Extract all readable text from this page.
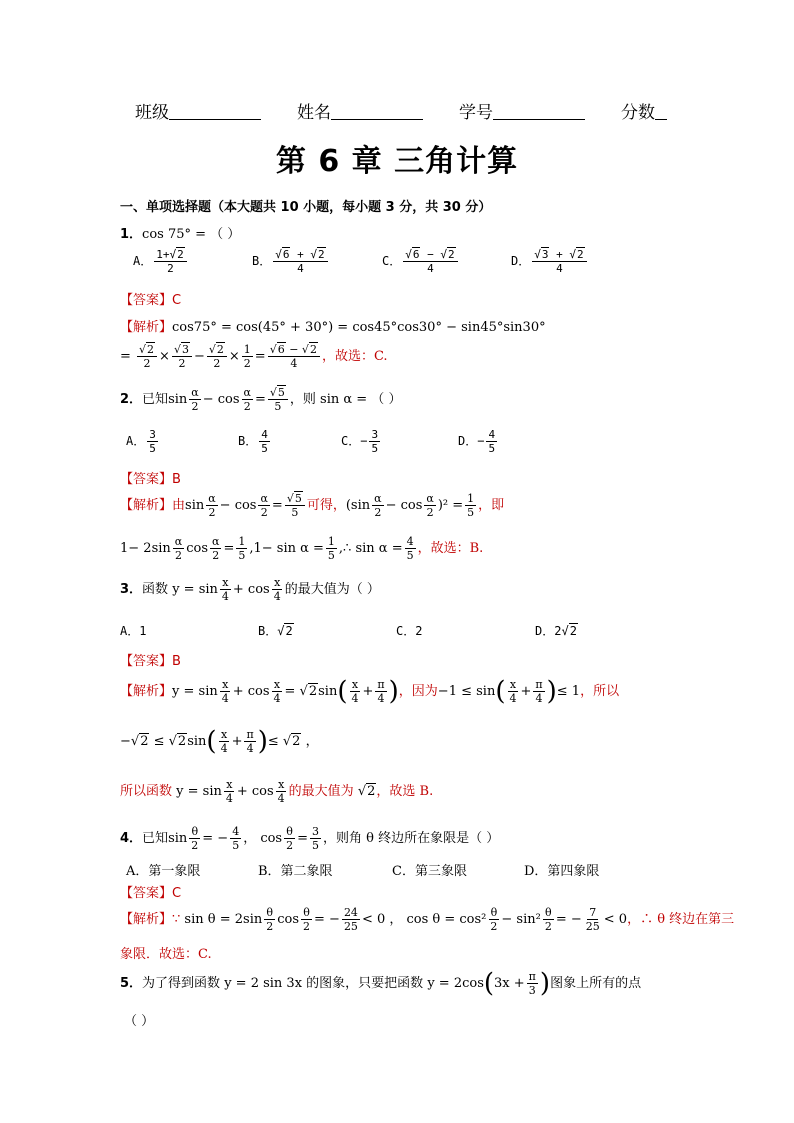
班级	姓名	学号	分数
第 6 章 三角计算
一、单项选择题（本大题共 10 小题，每小题 3 分，共 30 分）
1．cos 75° = （ ）
A． $\frac{1+√2}{2}$	B． $\frac{√6 + √2}{4}$	C． $\frac{√6 - √2}{4}$	D． $\frac{√3 + √2}{4}$
【答案】C
【解析】cos75° = cos(45° + 30°) = cos45°cos30° − sin45°sin30°
= $\frac{√2}{2} \times \frac{√3}{2} - \frac{√2}{2} \times \frac{1}{2} = \frac{√6 - √2}{4}$ ，故选：C.
2．已知$\sin \frac{\alpha}{2} - \cos \frac{\alpha}{2} = \frac{√5}{5}$ ，则 sin α = （ ）
A． $\frac{3}{5}$	B． $\frac{4}{5}$	C．− $\frac{3}{5}$	D．− $\frac{4}{5}$
【答案】B
【解析】由$\sin \frac{\alpha}{2} - \cos \frac{\alpha}{2} = \frac{√5}{5}$ 可得，$(\sin \frac{\alpha}{2} - \cos \frac{\alpha}{2} )^2 = \frac{1}{5}$ ，即
$1- 2\sin \frac{\alpha}{2}$ $\cos \frac{\alpha}{2} = \frac{1}{5} ,1- \sin \alpha = \frac{1}{5}$ ,∴ $\sin \alpha = \frac{4}{5}$ ，故选：B.
3．函数 $y = \sin \frac{x}{4} + \cos \frac{x}{4}$ 的最大值为（ ）
A．1	B．√2	C．2	D．2√2
【答案】B
【解析】$y = \sin \frac{x}{4} + \cos \frac{x}{4} = √2\sin( \frac{x}{4} + \frac{\pi}{4}$ )，因为$-1 \le \sin( \frac{x}{4} + \frac{\pi}{4}$ )≤ 1，所以
$-√2 \le √2\sin( \frac{x}{4} + \frac{\pi}{4}$ )≤ √2 ，
所以函数 $y = \sin \frac{x}{4} + \cos \frac{x}{4}$ 的最大值为 √2，故选 B.
4．已知$\sin \frac{\theta}{2}$ = − $\frac{4}{5}$ ， $\cos \frac{\theta}{2} = \frac{3}{5}$ ，则角 θ 终边所在象限是（ ）
A．第一象限	B．第二象限	C．第三象限	D．第四象限
【答案】C
【解析】∵ $\sin \theta = 2\sin \frac{\theta}{2}$ $\cos \frac{\theta}{2}$ = − $\frac{24}{25} < 0$ ， $\cos \theta = \cos^2 \frac{\theta}{2} - \sin^2 \frac{\theta}{2}$ = − $\frac{7}{25} < 0$，∴ θ 终边在第三
象限．故选：C.
5．为了得到函数 y = 2 sin 3x 的图象，只要把函数 $y = 2\cos(3x + \frac{\pi}{3}$ )图象上所有的点
（ ）
